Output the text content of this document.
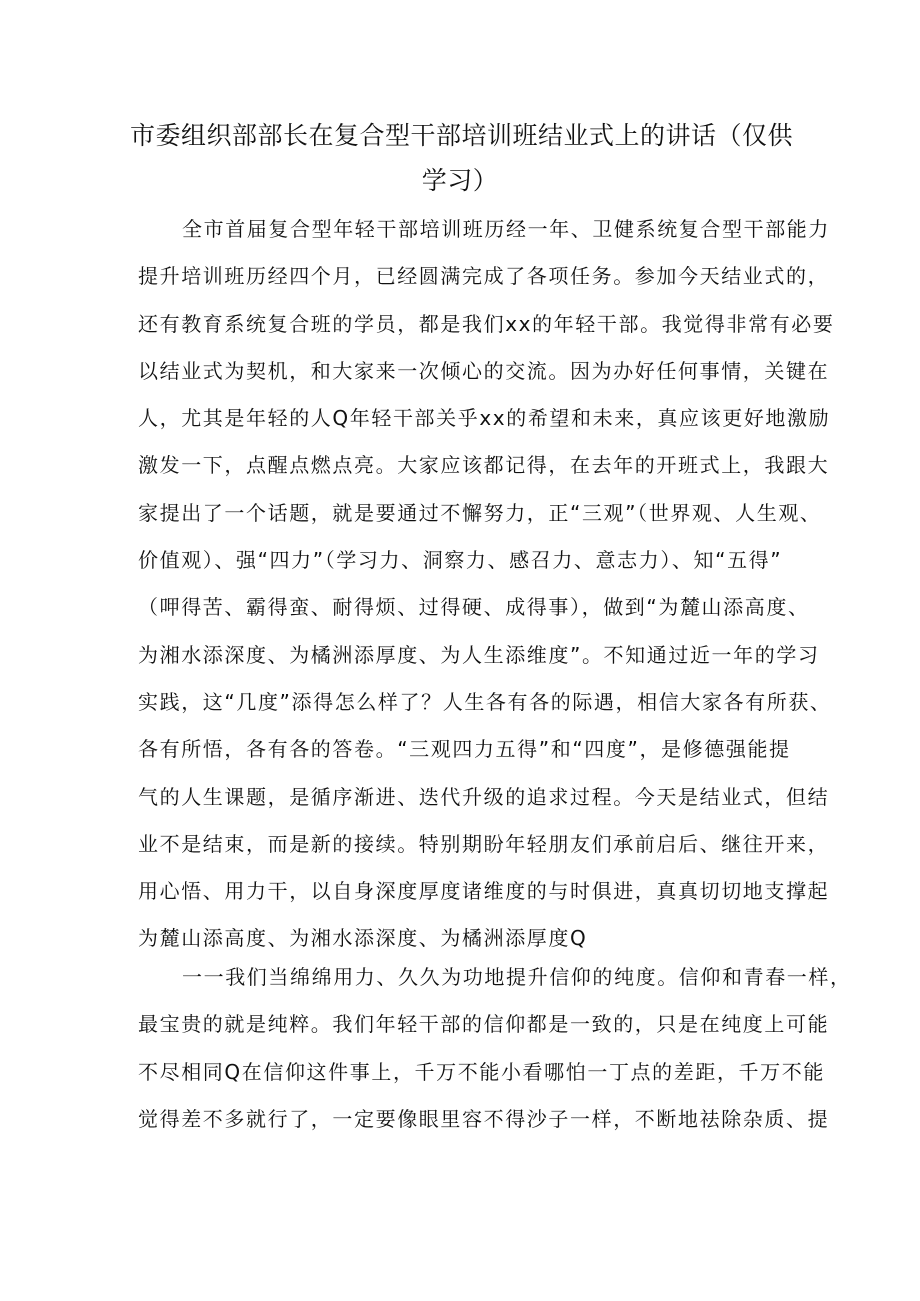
市委组织部部长在复合型干部培训班结业式上的讲话（仅供
学习）
全市首届复合型年轻干部培训班历经一年、卫健系统复合型干部能力
提升培训班历经四个月，已经圆满完成了各项任务。参加今天结业式的，
还有教育系统复合班的学员，都是我们xx的年轻干部。我觉得非常有必要
以结业式为契机，和大家来一次倾心的交流。因为办好任何事情，关键在
人，尤其是年轻的人Q年轻干部关乎xx的希望和未来，真应该更好地激励
激发一下，点醒点燃点亮。大家应该都记得，在去年的开班式上，我跟大
家提出了一个话题，就是要通过不懈努力，正“三观”（世界观、人生观、
价值观）、强“四力”（学习力、洞察力、感召力、意志力）、知“五得”
（呷得苦、霸得蛮、耐得烦、过得硬、成得事），做到“为麓山添高度、
为湘水添深度、为橘洲添厚度、为人生添维度”。不知通过近一年的学习
实践，这“几度”添得怎么样了？人生各有各的际遇，相信大家各有所获、
各有所悟，各有各的答卷。“三观四力五得”和“四度”，是修德强能提
气的人生课题，是循序渐进、迭代升级的追求过程。今天是结业式，但结
业不是结束，而是新的接续。特别期盼年轻朋友们承前启后、继往开来，
用心悟、用力干，以自身深度厚度诸维度的与时俱进，真真切切地支撑起
为麓山添高度、为湘水添深度、为橘洲添厚度Q
一一我们当绵绵用力、久久为功地提升信仰的纯度。信仰和青春一样，
最宝贵的就是纯粹。我们年轻干部的信仰都是一致的，只是在纯度上可能
不尽相同Q在信仰这件事上，千万不能小看哪怕一丁点的差距，千万不能
觉得差不多就行了，一定要像眼里容不得沙子一样，不断地祛除杂质、提
